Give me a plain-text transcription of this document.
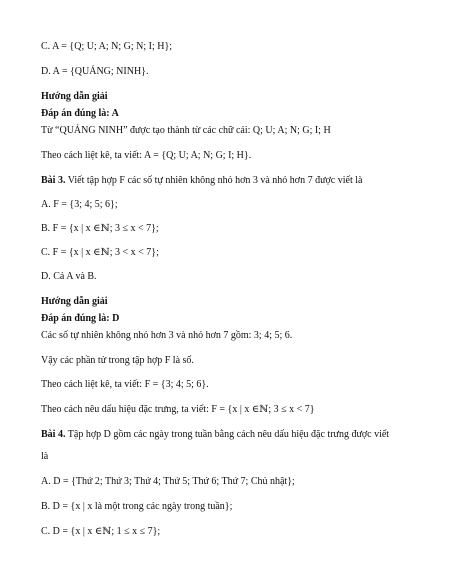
C. A = {Q; U; A; N; G; N; I; H};
D. A = {QUẢNG; NINH}.
Hướng dẫn giải
Đáp án đúng là: A
Từ “QUẢNG NINH” được tạo thành từ các chữ cái: Q; U; A; N; G; I; H
Theo cách liệt kê, ta viết: A = {Q; U; A; N; G; I; H}.
Bài 3. Viết tập hợp F các số tự nhiên không nhỏ hơn 3 và nhỏ hơn 7 được viết là
A. F = {3; 4; 5; 6};
B. F = {x | x ∈ℕ; 3 ≤ x < 7};
C. F = {x | x ∈ℕ; 3 < x < 7};
D. Cả A và B.
Hướng dẫn giải
Đáp án đúng là: D
Các số tự nhiên không nhỏ hơn 3 và nhỏ hơn 7 gồm: 3; 4; 5; 6.
Vậy các phần tử trong tập hợp F là số.
Theo cách liệt kê, ta viết: F = {3; 4; 5; 6}.
Theo cách nêu dấu hiệu đặc trưng, ta viết: F = {x | x ∈ℕ; 3 ≤ x < 7}
Bài 4. Tập hợp D gồm các ngày trong tuần bằng cách nêu dấu hiệu đặc trưng được viết
là
A. D = {Thứ 2; Thứ 3; Thứ 4; Thứ 5; Thứ 6; Thứ 7; Chủ nhật};
B. D = {x | x là một trong các ngày trong tuần};
C. D = {x | x ∈ℕ; 1 ≤ x ≤ 7};
